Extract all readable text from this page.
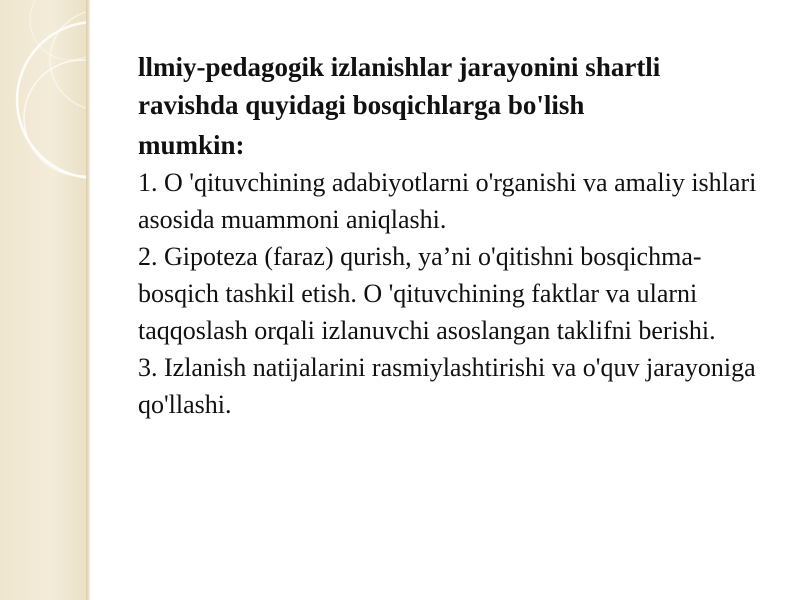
llmiy-pedagogik izlanishlar jarayonini shartli
ravishda quyidagi bosqichlarga bo'lish
mumkin:

1. O 'qituvchining adabiyotlarni o'rganishi va amaliy ishlari asosida muammoni aniqlashi.

2. Gipoteza (faraz) qurish, ya’ni o'qitishni bosqichma-bosqich tashkil etish. O 'qituvchining faktlar va ularni taqqoslash orqali izlanuvchi asoslangan taklifni berishi.

3. Izlanish natijalarini rasmiylashtirishi va o'quv jarayoniga qo'llashi.
